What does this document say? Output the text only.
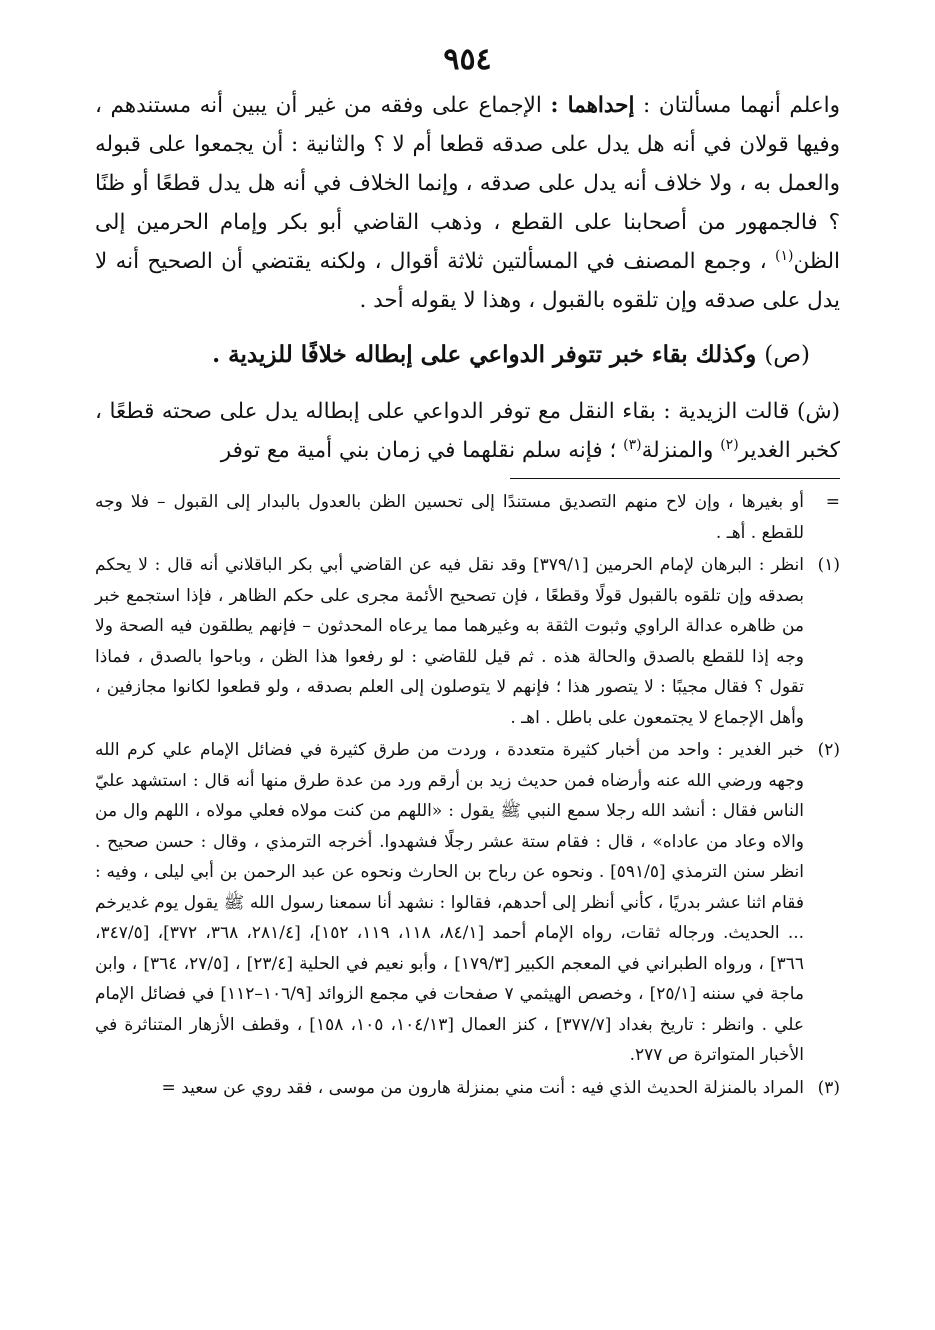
٩٥٤

واعلم أنهما مسألتان : إحداهما : الإجماع على وفقه من غير أن يبين أنه مستندهم ، وفيها قولان في أنه هل يدل على صدقه قطعا أم لا ؟ والثانية : أن يجمعوا على قبوله والعمل به ، ولا خلاف أنه يدل على صدقه ، وإنما الخلاف في أنه هل يدل قطعًا أو ظنًا ؟ فالجمهور من أصحابنا على القطع ، وذهب القاضي أبو بكر وإمام الحرمين إلى الظن$^{(١)}$ ، وجمع المصنف في المسألتين ثلاثة أقوال ، ولكنه يقتضي أن الصحيح أنه لا يدل على صدقه وإن تلقوه بالقبول ، وهذا لا يقوله أحد .

(ص) وكذلك بقاء خبر تتوفر الدواعي على إبطاله خلافًا للزيدية .

(ش) قالت الزيدية : بقاء النقل مع توفر الدواعي على إبطاله يدل على صحته قطعًا ، كخبر الغدير$^{(٢)}$ والمنزلة$^{(٣)}$ ؛ فإنه سلم نقلهما في زمان بني أمية مع توفر

=
أو بغيرها ، وإن لاح منهم التصديق مستندًا إلى تحسين الظن بالعدول بالبدار إلى القبول – فلا وجه للقطع . أهـ .
(١)
انظر : البرهان لإمام الحرمين [٣٧٩/١] وقد نقل فيه عن القاضي أبي بكر الباقلاني أنه قال : لا يحكم بصدقه وإن تلقوه بالقبول قولًا وقطعًا ، فإن تصحيح الأئمة مجرى على حكم الظاهر ، فإذا استجمع خبر من ظاهره عدالة الراوي وثبوت الثقة به وغيرهما مما يرعاه المحدثون – فإنهم يطلقون فيه الصحة ولا وجه إذا للقطع بالصدق والحالة هذه . ثم قيل للقاضي : لو رفعوا هذا الظن ، وباحوا بالصدق ، فماذا تقول ؟ فقال مجيبًا : لا يتصور هذا ؛ فإنهم لا يتوصلون إلى العلم بصدقه ، ولو قطعوا لكانوا مجازفين ، وأهل الإجماع لا يجتمعون على باطل . اهـ .
(٢)
خبر الغدير : واحد من أخبار كثيرة متعددة ، وردت من طرق كثيرة في فضائل الإمام علي كرم الله وجهه ورضي الله عنه وأرضاه فمن حديث زيد بن أرقم ورد من عدة طرق منها أنه قال : استشهد عليّ الناس فقال : أنشد الله رجلا سمع النبي ﷺ يقول : «اللهم من كنت مولاه فعلي مولاه ، اللهم وال من والاه وعاد من عاداه» ، قال : فقام ستة عشر رجلًا فشهدوا. أخرجه الترمذي ، وقال : حسن صحيح . انظر سنن الترمذي [٥٩١/٥] . ونحوه عن رباح بن الحارث ونحوه عن عبد الرحمن بن أبي ليلى ، وفيه : فقام اثنا عشر بدريًا ، كأني أنظر إلى أحدهم، فقالوا : نشهد أنا سمعنا رسول الله ﷺ يقول يوم غديرخم ... الحديث. ورجاله ثقات، رواه الإمام أحمد [٨٤/١، ١١٨، ١١٩، ١٥٢]، [٢٨١/٤، ٣٦٨، ٣٧٢]، [٣٤٧/٥، ٣٦٦] ، ورواه الطبراني في المعجم الكبير [١٧٩/٣] ، وأبو نعيم في الحلية [٢٣/٤] ، [٢٧/٥، ٣٦٤] ، وابن ماجة في سننه [٢٥/١] ، وخصص الهيثمي ٧ صفحات في مجمع الزوائد [١٠٦/٩–١١٢] في فضائل الإمام علي . وانظر : تاريخ بغداد [٣٧٧/٧] ، كنز العمال [١٠٤/١٣، ١٠٥، ١٥٨] ، وقطف الأزهار المتناثرة في الأخبار المتواترة ص ٢٧٧.
(٣)
المراد بالمنزلة الحديث الذي فيه : أنت مني بمنزلة هارون من موسى ، فقد روي عن سعيد =
